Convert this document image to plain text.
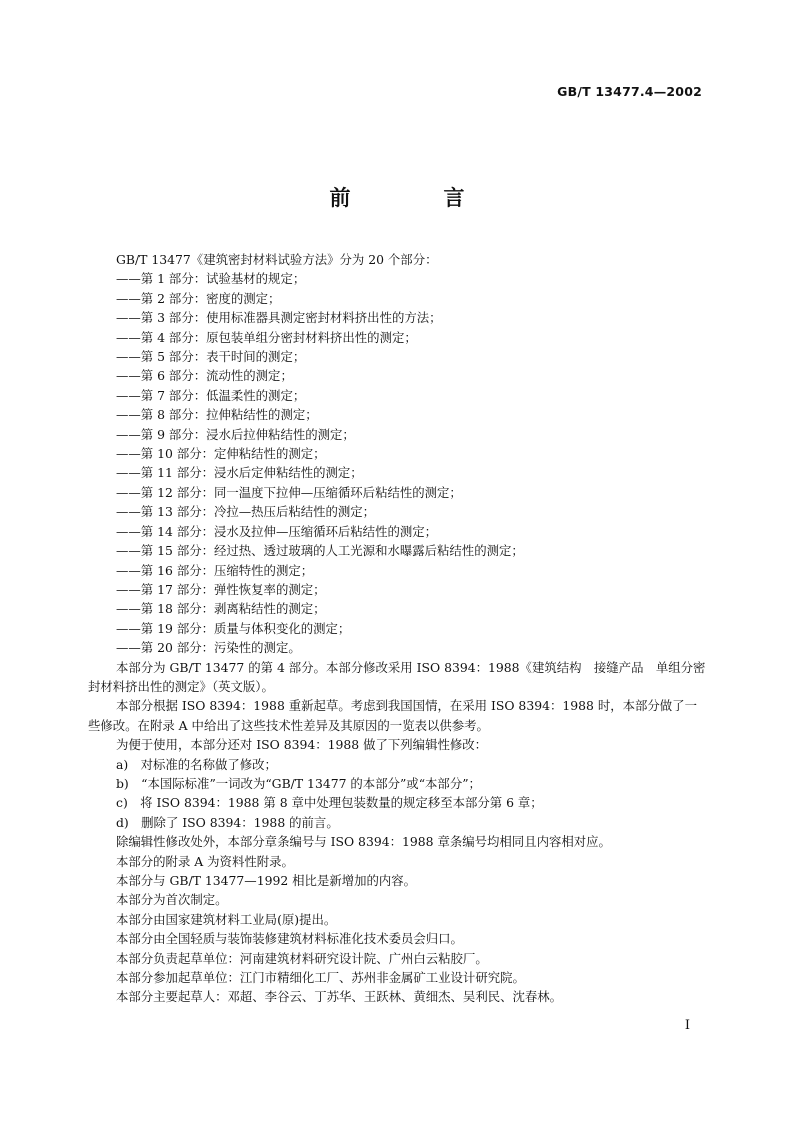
GB/T 13477.4—2002
前　言

GB/T 13477《建筑密封材料试验方法》分为 20 个部分：

——第 1 部分：试验基材的规定；

——第 2 部分：密度的测定；

——第 3 部分：使用标准器具测定密封材料挤出性的方法；

——第 4 部分：原包装单组分密封材料挤出性的测定；

——第 5 部分：表干时间的测定；

——第 6 部分：流动性的测定；

——第 7 部分：低温柔性的测定；

——第 8 部分：拉伸粘结性的测定；

——第 9 部分：浸水后拉伸粘结性的测定；

——第 10 部分：定伸粘结性的测定；

——第 11 部分：浸水后定伸粘结性的测定；

——第 12 部分：同一温度下拉伸—压缩循环后粘结性的测定；

——第 13 部分：冷拉—热压后粘结性的测定；

——第 14 部分：浸水及拉伸—压缩循环后粘结性的测定；

——第 15 部分：经过热、透过玻璃的人工光源和水曝露后粘结性的测定；

——第 16 部分：压缩特性的测定；

——第 17 部分：弹性恢复率的测定；

——第 18 部分：剥离粘结性的测定；

——第 19 部分：质量与体积变化的测定；

——第 20 部分：污染性的测定。

本部分为 GB/T 13477 的第 4 部分。本部分修改采用 ISO 8394：1988《建筑结构　接缝产品　单组分密封材料挤出性的测定》（英文版）。

本部分根据 ISO 8394：1988 重新起草。考虑到我国国情，在采用 ISO 8394：1988 时，本部分做了一些修改。在附录 A 中给出了这些技术性差异及其原因的一览表以供参考。

为便于使用，本部分还对 ISO 8394：1988 做了下列编辑性修改：

a)　对标准的名称做了修改；

b)　“本国际标准”一词改为“GB/T 13477 的本部分”或“本部分”；

c)　将 ISO 8394：1988 第 8 章中处理包装数量的规定移至本部分第 6 章；

d)　删除了 ISO 8394：1988 的前言。

除编辑性修改处外，本部分章条编号与 ISO 8394：1988 章条编号均相同且内容相对应。

本部分的附录 A 为资料性附录。

本部分与 GB/T 13477—1992 相比是新增加的内容。

本部分为首次制定。

本部分由国家建筑材料工业局(原)提出。

本部分由全国轻质与装饰装修建筑材料标准化技术委员会归口。

本部分负责起草单位：河南建筑材料研究设计院、广州白云粘胶厂。

本部分参加起草单位：江门市精细化工厂、苏州非金属矿工业设计研究院。

本部分主要起草人：邓超、李谷云、丁苏华、王跃林、黄细杰、吴利民、沈春林。

I
